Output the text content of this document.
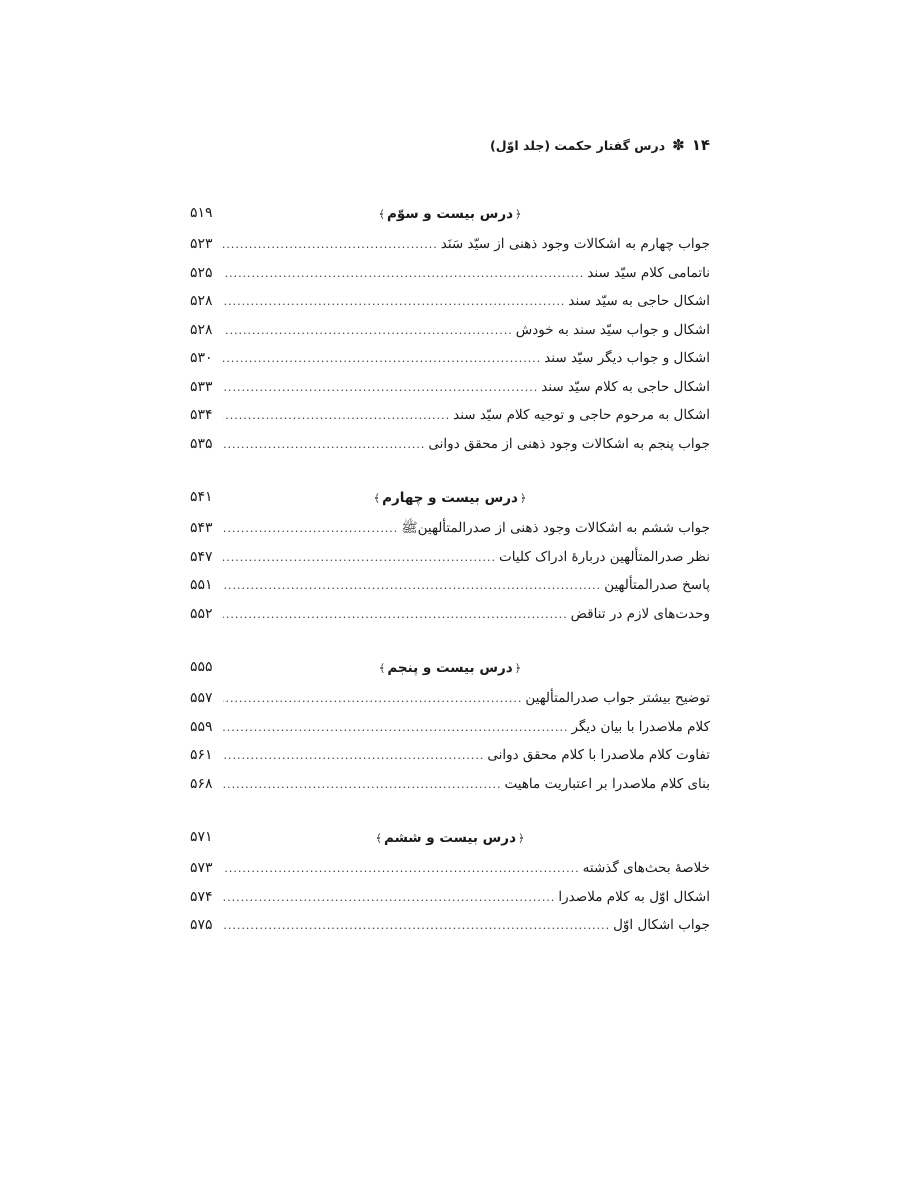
۱۴
✽
درس گفتار حکمت (جلد اوّل)
﴿درس بیست و سوّم﴾
۵۱۹
جواب چهارم به اشکالات وجود ذهنی از سیّد سَنَد
.....
۵۲۳
ناتمامی کلام سیّد سند
.....
۵۲۵
اشکال حاجی به سیّد سند
.....
۵۲۸
اشکال و جواب سیّد سند به خودش
.....
۵۲۸
اشکال و جواب دیگر سیّد سند
.....
۵۳۰
اشکال حاجی به کلام سیّد سند
.....
۵۳۳
اشکال به مرحوم حاجی و توجیه کلام سیّد سند
.....
۵۳۴
جواب پنجم به اشکالات وجود ذهنی از محقق دوانی
.....
۵۳۵
﴿درس بیست و چهارم﴾
۵۴۱
جواب ششم به اشکالات وجود ذهنی از صدرالمتألهینﷺ
.....
۵۴۳
نظر صدرالمتألهین دربارهٔ ادراک کلیات
.....
۵۴۷
پاسخ صدرالمتألهین
.....
۵۵۱
وحدت‌های لازم در تناقض
.....
۵۵۲
﴿درس بیست و پنجم﴾
۵۵۵
توضیح بیشتر جواب صدرالمتألهین
.....
۵۵۷
کلام ملاصدرا با بیان دیگر
.....
۵۵۹
تفاوت کلام ملاصدرا با کلام محقق دوانی
.....
۵۶۱
بنای کلام ملاصدرا بر اعتباریت ماهیت
.....
۵۶۸
﴿درس بیست و ششم﴾
۵۷۱
خلاصهٔ بحث‌های گذشته
.....
۵۷۳
اشکال اوّل به کلام ملاصدرا
.....
۵۷۴
جواب اشکال اوّل
.....
۵۷۵
